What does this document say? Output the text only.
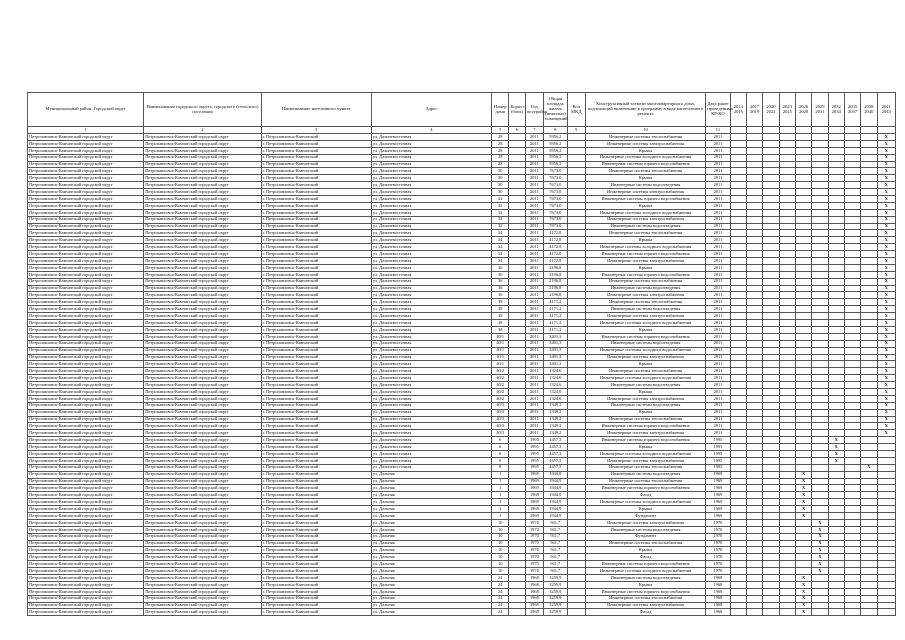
Муниципальный район, Городской округ	Наименование городского округа, городского (сельского) поселения	Наименование населенного пункта	Адрес	Номер дома	Корпус (блок)	Год постройки	Общая площадь жилых (нежилых) помещений	Кол МКД	Конструктивный элемент многоквартирного дома, подлежащий включению в программу в виде капитального ремонта	Дата ранее проведенных КР-КО	2014 2016	2017 2019	2020 2022	2023 2025	2026 2028	2029 2031	2032 2034	2035 2037	2038 2040	2041 2043
1	2	3	4	5	6	7	8	9	10	11										
Петропавловск-Камчатский городской округ	Петропавловск-Камчатский городской округ	г. Петропавловск-Камчатский	ул. Дальневосточная	28		2011	5956,2		Инженерные системы теплоснабжения	2011										X
Петропавловск-Камчатский городской округ	Петропавловск-Камчатский городской округ	г. Петропавловск-Камчатский	ул. Дальневосточная	28		2011	5956,2		Инженерные системы электроснабжения	2011										X
Петропавловск-Камчатский городской округ	Петропавловск-Камчатский городской округ	г. Петропавловск-Камчатский	ул. Дальневосточная	28		2011	5956,2		Крыша	2011										X
Петропавловск-Камчатский городской округ	Петропавловск-Камчатский городской округ	г. Петропавловск-Камчатский	ул. Дальневосточная	28		2011	5956,2		Инженерные системы холодного водоснабжения	2011										X
Петропавловск-Камчатский городской округ	Петропавловск-Камчатский городской округ	г. Петропавловск-Камчатский	ул. Дальневосточная	28		2011	5956,2		Инженерные системы горячего водоснабжения	2011										X
Петропавловск-Камчатский городской округ	Петропавловск-Камчатский городской округ	г. Петропавловск-Камчатский	ул. Дальневосточная	30		2011	7673,0		Инженерные системы теплоснабжения	2011										X
Петропавловск-Камчатский городской округ	Петропавловск-Камчатский городской округ	г. Петропавловск-Камчатский	ул. Дальневосточная	30		2011	7673,0		Крыша	2011										X
Петропавловск-Камчатский городской округ	Петропавловск-Камчатский городской округ	г. Петропавловск-Камчатский	ул. Дальневосточная	30		2011	7673,0		Инженерные системы водоотведения	2011										X
Петропавловск-Камчатский городской округ	Петропавловск-Камчатский городской округ	г. Петропавловск-Камчатский	ул. Дальневосточная	30		2011	7673,0		Инженерные системы электроснабжения	2011										X
Петропавловск-Камчатский городской округ	Петропавловск-Камчатский городской округ	г. Петропавловск-Камчатский	ул. Дальневосточная	32		2011	7673,0		Инженерные системы горячего водоснабжения	2011										X
Петропавловск-Камчатский городской округ	Петропавловск-Камчатский городской округ	г. Петропавловск-Камчатский	ул. Дальневосточная	32		2011	7673,0		Крыша	2011										X
Петропавловск-Камчатский городской округ	Петропавловск-Камчатский городской округ	г. Петропавловск-Камчатский	ул. Дальневосточная	32		2011	7673,0		Инженерные системы холодного водоснабжения	2011										X
Петропавловск-Камчатский городской округ	Петропавловск-Камчатский городской округ	г. Петропавловск-Камчатский	ул. Дальневосточная	32		2011	7673,0		Инженерные системы электроснабжения	2011										X
Петропавловск-Камчатский городской округ	Петропавловск-Камчатский городской округ	г. Петропавловск-Камчатский	ул. Дальневосточная	32		2011	7673,0		Инженерные системы водоотведения	2011										X
Петропавловск-Камчатский городской округ	Петропавловск-Камчатский городской округ	г. Петропавловск-Камчатский	ул. Дальневосточная	34		2011	4172,8		Инженерные системы теплоснабжения	2011										X
Петропавловск-Камчатский городской округ	Петропавловск-Камчатский городской округ	г. Петропавловск-Камчатский	ул. Дальневосточная	34		2011	4172,8		Крыша	2011										X
Петропавловск-Камчатский городской округ	Петропавловск-Камчатский городской округ	г. Петропавловск-Камчатский	ул. Дальневосточная	34		2011	4172,8		Инженерные системы холодного водоснабжения	2011										X
Петропавловск-Камчатский городской округ	Петропавловск-Камчатский городской округ	г. Петропавловск-Камчатский	ул. Дальневосточная	34		2011	4172,8		Инженерные системы горячего водоснабжения	2011										X
Петропавловск-Камчатский городской округ	Петропавловск-Камчатский городской округ	г. Петропавловск-Камчатский	ул. Дальневосточная	34		2011	4172,8		Инженерные системы электроснабжения	2011										X
Петропавловск-Камчатский городской округ	Петропавловск-Камчатский городской округ	г. Петропавловск-Камчатский	ул. Дальневосточная	36		2011	2196,8		Крыша	2011										X
Петропавловск-Камчатский городской округ	Петропавловск-Камчатский городской округ	г. Петропавловск-Камчатский	ул. Дальневосточная	36		2011	2196,8		Инженерные системы горячего водоснабжения	2011										X
Петропавловск-Камчатский городской округ	Петропавловск-Камчатский городской округ	г. Петропавловск-Камчатский	ул. Дальневосточная	36		2011	2196,8		Инженерные системы теплоснабжения	2011										X
Петропавловск-Камчатский городской округ	Петропавловск-Камчатский городской округ	г. Петропавловск-Камчатский	ул. Дальневосточная	36		2011	2196,8		Инженерные системы водоотведения	2011										X
Петропавловск-Камчатский городской округ	Петропавловск-Камчатский городской округ	г. Петропавловск-Камчатский	ул. Дальневосточная	36		2011	2196,8		Инженерные системы электроснабжения	2011										X
Петропавловск-Камчатский городской округ	Петропавловск-Камчатский городской округ	г. Петропавловск-Камчатский	ул. Дальневосточная	38		2011	4171,2		Инженерные системы теплоснабжения	2011										X
Петропавловск-Камчатский городской округ	Петропавловск-Камчатский городской округ	г. Петропавловск-Камчатский	ул. Дальневосточная	38		2011	4171,2		Инженерные системы водоотведения	2011										X
Петропавловск-Камчатский городской округ	Петропавловск-Камчатский городской округ	г. Петропавловск-Камчатский	ул. Дальневосточная	38		2011	4171,2		Инженерные системы электроснабжения	2011										X
Петропавловск-Камчатский городской округ	Петропавловск-Камчатский городской округ	г. Петропавловск-Камчатский	ул. Дальневосточная	38		2011	4171,2		Инженерные системы холодного водоснабжения	2011										X
Петропавловск-Камчатский городской округ	Петропавловск-Камчатский городской округ	г. Петропавловск-Камчатский	ул. Дальневосточная	38		2011	4171,2		Крыша	2011										X
Петропавловск-Камчатский городской округ	Петропавловск-Камчатский городской округ	г. Петропавловск-Камчатский	ул. Дальневосточная	40/1		2011	3401,3		Инженерные системы горячего водоснабжения	2011										X
Петропавловск-Камчатский городской округ	Петропавловск-Камчатский городской округ	г. Петропавловск-Камчатский	ул. Дальневосточная	40/1		2011	3401,3		Инженерные системы водоотведения	2011										X
Петропавловск-Камчатский городской округ	Петропавловск-Камчатский городской округ	г. Петропавловск-Камчатский	ул. Дальневосточная	40/1		2011	3401,3		Инженерные системы холодного водоснабжения	2011										X
Петропавловск-Камчатский городской округ	Петропавловск-Камчатский городской округ	г. Петропавловск-Камчатский	ул. Дальневосточная	40/1		2011	3401,3		Инженерные системы электроснабжения	2011										X
Петропавловск-Камчатский городской округ	Петропавловск-Камчатский городской округ	г. Петропавловск-Камчатский	ул. Дальневосточная	40/1		2011	3401,3		Крыша	2011										X
Петропавловск-Камчатский городской округ	Петропавловск-Камчатский городской округ	г. Петропавловск-Камчатский	ул. Дальневосточная	40/2		2011	1324,6		Инженерные системы теплоснабжения	2011										X
Петропавловск-Камчатский городской округ	Петропавловск-Камчатский городской округ	г. Петропавловск-Камчатский	ул. Дальневосточная	40/2		2011	1324,6		Инженерные системы холодного водоснабжения	2011										X
Петропавловск-Камчатский городской округ	Петропавловск-Камчатский городской округ	г. Петропавловск-Камчатский	ул. Дальневосточная	40/2		2011	1324,6		Инженерные системы водоотведения	2011										X
Петропавловск-Камчатский городской округ	Петропавловск-Камчатский городской округ	г. Петропавловск-Камчатский	ул. Дальневосточная	40/2		2011	1324,6		Крыша	2011										X
Петропавловск-Камчатский городской округ	Петропавловск-Камчатский городской округ	г. Петропавловск-Камчатский	ул. Дальневосточная	40/2		2011	1324,6		Инженерные системы электроснабжения	2011										X
Петропавловск-Камчатский городской округ	Петропавловск-Камчатский городской округ	г. Петропавловск-Камчатский	ул. Дальневосточная	40/3		2011	1349,2		Инженерные системы водоотведения	2011										X
Петропавловск-Камчатский городской округ	Петропавловск-Камчатский городской округ	г. Петропавловск-Камчатский	ул. Дальневосточная	40/3		2011	1349,2		Крыша	2011										X
Петропавловск-Камчатский городской округ	Петропавловск-Камчатский городской округ	г. Петропавловск-Камчатский	ул. Дальневосточная	40/3		2011	1349,2		Инженерные системы теплоснабжения	2011										X
Петропавловск-Камчатский городской округ	Петропавловск-Камчатский городской округ	г. Петропавловск-Камчатский	ул. Дальневосточная	40/3		2011	1349,2		Инженерные системы горячего водоснабжения	2011										X
Петропавловск-Камчатский городской округ	Петропавловск-Камчатский городской округ	г. Петропавловск-Камчатский	ул. Дальневосточная	40/3		2011	1349,2		Инженерные системы электроснабжения	2011										X
Петропавловск-Камчатский городской округ	Петропавловск-Камчатский городской округ	г. Петропавловск-Камчатский	ул. Дальневосточная	6		1995	4457,3		Инженерные системы горячего водоснабжения	1995							X			
Петропавловск-Камчатский городской округ	Петропавловск-Камчатский городской округ	г. Петропавловск-Камчатский	ул. Дальневосточная	6		1995	4457,3		Крыша	1995							X			
Петропавловск-Камчатский городской округ	Петропавловск-Камчатский городской округ	г. Петропавловск-Камчатский	ул. Дальневосточная	6		1995	4457,3		Инженерные системы холодного водоснабжения	1995							X			
Петропавловск-Камчатский городской округ	Петропавловск-Камчатский городской округ	г. Петропавловск-Камчатский	ул. Дальневосточная	6		1995	4457,3		Инженерные системы электроснабжения	1995							X			
Петропавловск-Камчатский городской округ	Петропавловск-Камчатский городской округ	г. Петропавловск-Камчатский	ул. Дальневосточная	8		1995	4457,3		Инженерные системы теплоснабжения	1995									X	
Петропавловск-Камчатский городской округ	Петропавловск-Камчатский городской округ	г. Петропавловск-Камчатский	ул. Дальняя	1		1969	1944,9		Инженерные системы водоотведения	1969					X					
Петропавловск-Камчатский городской округ	Петропавловск-Камчатский городской округ	г. Петропавловск-Камчатский	ул. Дальняя	1		1969	1944,9		Инженерные системы теплоснабжения	1969					X					
Петропавловск-Камчатский городской округ	Петропавловск-Камчатский городской округ	г. Петропавловск-Камчатский	ул. Дальняя	1		1969	1944,9		Инженерные системы горячего водоснабжения	1969					X					
Петропавловск-Камчатский городской округ	Петропавловск-Камчатский городской округ	г. Петропавловск-Камчатский	ул. Дальняя	1		1969	1944,9		Фасад	1969					X					
Петропавловск-Камчатский городской округ	Петропавловск-Камчатский городской округ	г. Петропавловск-Камчатский	ул. Дальняя	1		1969	1944,9		Инженерные системы холодного водоснабжения	1969					X					
Петропавловск-Камчатский городской округ	Петропавловск-Камчатский городской округ	г. Петропавловск-Камчатский	ул. Дальняя	1		1969	1944,9		Крыша	1969					X					
Петропавловск-Камчатский городской округ	Петропавловск-Камчатский городской округ	г. Петропавловск-Камчатский	ул. Дальняя	1		1969	1944,9		Фундамент	1969					X					
Петропавловск-Камчатский городской округ	Петропавловск-Камчатский городской округ	г. Петропавловск-Камчатский	ул. Дальняя	10		1970	941,7		Инженерные системы электроснабжения	1970						X				
Петропавловск-Камчатский городской округ	Петропавловск-Камчатский городской округ	г. Петропавловск-Камчатский	ул. Дальняя	10		1970	941,7		Инженерные системы водоотведения	1970						X				
Петропавловск-Камчатский городской округ	Петропавловск-Камчатский городской округ	г. Петропавловск-Камчатский	ул. Дальняя	10		1970	941,7		Фундамент	1970						X				
Петропавловск-Камчатский городской округ	Петропавловск-Камчатский городской округ	г. Петропавловск-Камчатский	ул. Дальняя	10		1970	941,7		Инженерные системы теплоснабжения	1970						X				
Петропавловск-Камчатский городской округ	Петропавловск-Камчатский городской округ	г. Петропавловск-Камчатский	ул. Дальняя	10		1970	941,7		Крыша	1970						X				
Петропавловск-Камчатский городской округ	Петропавловск-Камчатский городской округ	г. Петропавловск-Камчатский	ул. Дальняя	10		1970	941,7		Фасад	1970						X				
Петропавловск-Камчатский городской округ	Петропавловск-Камчатский городской округ	г. Петропавловск-Камчатский	ул. Дальняя	10		1970	941,7		Инженерные системы горячего водоснабжения	1970						X				
Петропавловск-Камчатский городской округ	Петропавловск-Камчатский городской округ	г. Петропавловск-Камчатский	ул. Дальняя	10		1970	941,7		Инженерные системы холодного водоснабжения	1970						X				
Петропавловск-Камчатский городской округ	Петропавловск-Камчатский городской округ	г. Петропавловск-Камчатский	ул. Дальняя	24		1968	3259,9		Инженерные системы водоотведения	1968					X					
Петропавловск-Камчатский городской округ	Петропавловск-Камчатский городской округ	г. Петропавловск-Камчатский	ул. Дальняя	24		1968	3259,9		Крыша	1968					X					
Петропавловск-Камчатский городской округ	Петропавловск-Камчатский городской округ	г. Петропавловск-Камчатский	ул. Дальняя	24		1968	3259,9		Инженерные системы горячего водоснабжения	1968					X					
Петропавловск-Камчатский городской округ	Петропавловск-Камчатский городской округ	г. Петропавловск-Камчатский	ул. Дальняя	24		1968	3259,9		Инженерные системы теплоснабжения	1968					X					
Петропавловск-Камчатский городской округ	Петропавловск-Камчатский городской округ	г. Петропавловск-Камчатский	ул. Дальняя	24		1968	3259,9		Инженерные системы электроснабжения	1968					X					
Петропавловск-Камчатский городской округ	Петропавловск-Камчатский городской округ	г. Петропавловск-Камчатский	ул. Дальняя	24		1968	3259,9		Фасад	1968					X					
